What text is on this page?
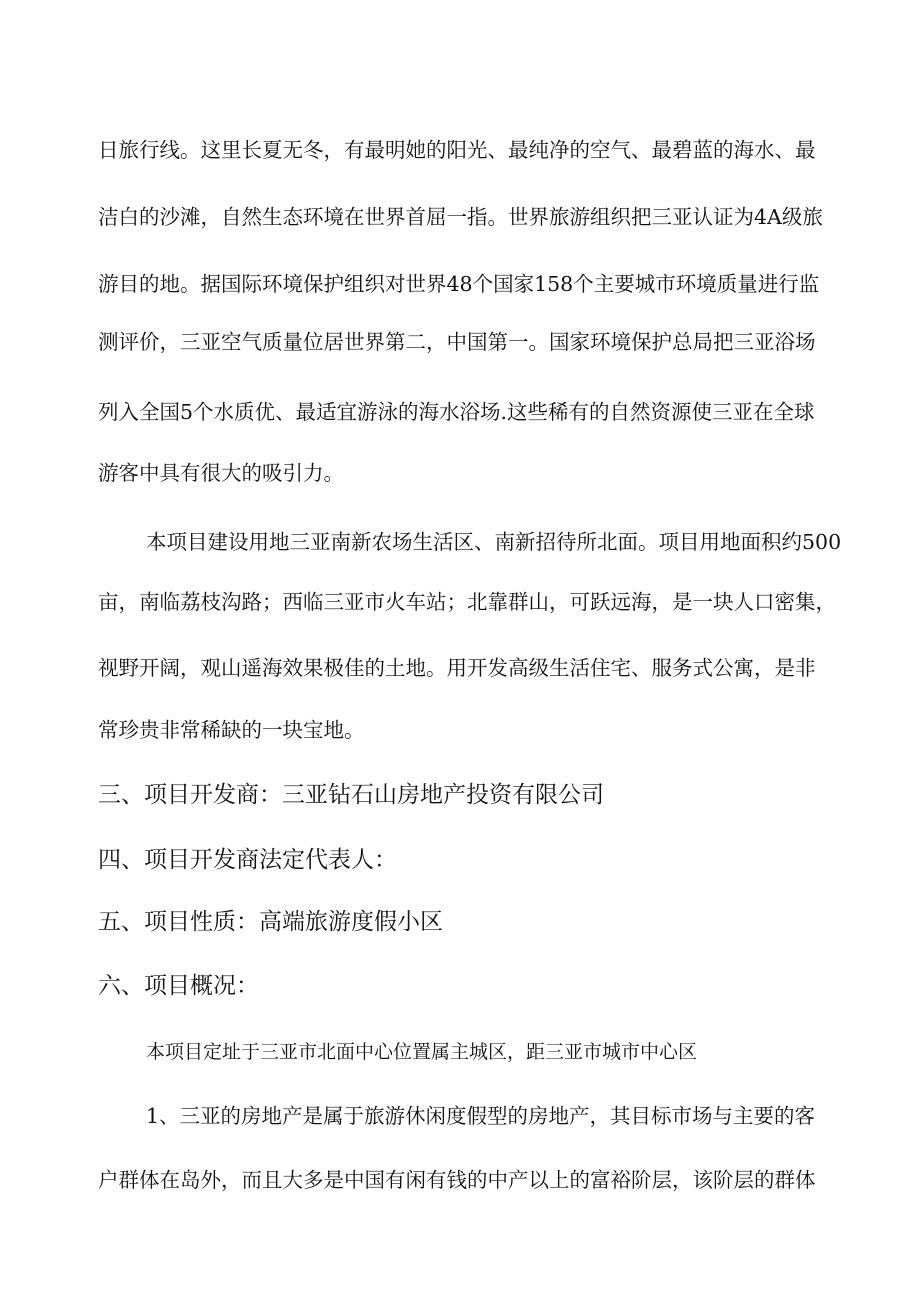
日旅行线。这里长夏无冬，有最明她的阳光、最纯净的空气、最碧蓝的海水、最
洁白的沙滩，自然生态环境在世界首屈一指。世界旅游组织把三亚认证为4A级旅
游目的地。据国际环境保护组织对世界48个国家158个主要城市环境质量进行监
测评价，三亚空气质量位居世界第二，中国第一。国家环境保护总局把三亚浴场
列入全国5个水质优、最适宜游泳的海水浴场.这些稀有的自然资源使三亚在全球
游客中具有很大的吸引力。
本项目建设用地三亚南新农场生活区、南新招待所北面。项目用地面积约500
亩，南临荔枝沟路；西临三亚市火车站；北靠群山，可跃远海，是一块人口密集，
视野开阔，观山遥海效果极佳的土地。用开发高级生活住宅、服务式公寓，是非
常珍贵非常稀缺的一块宝地。
三、项目开发商：三亚钻石山房地产投资有限公司
四、项目开发商法定代表人：
五、项目性质：高端旅游度假小区
六、项目概况：
本项目定址于三亚市北面中心位置属主城区，距三亚市城市中心区
1、三亚的房地产是属于旅游休闲度假型的房地产，其目标市场与主要的客
户群体在岛外，而且大多是中国有闲有钱的中产以上的富裕阶层，该阶层的群体
